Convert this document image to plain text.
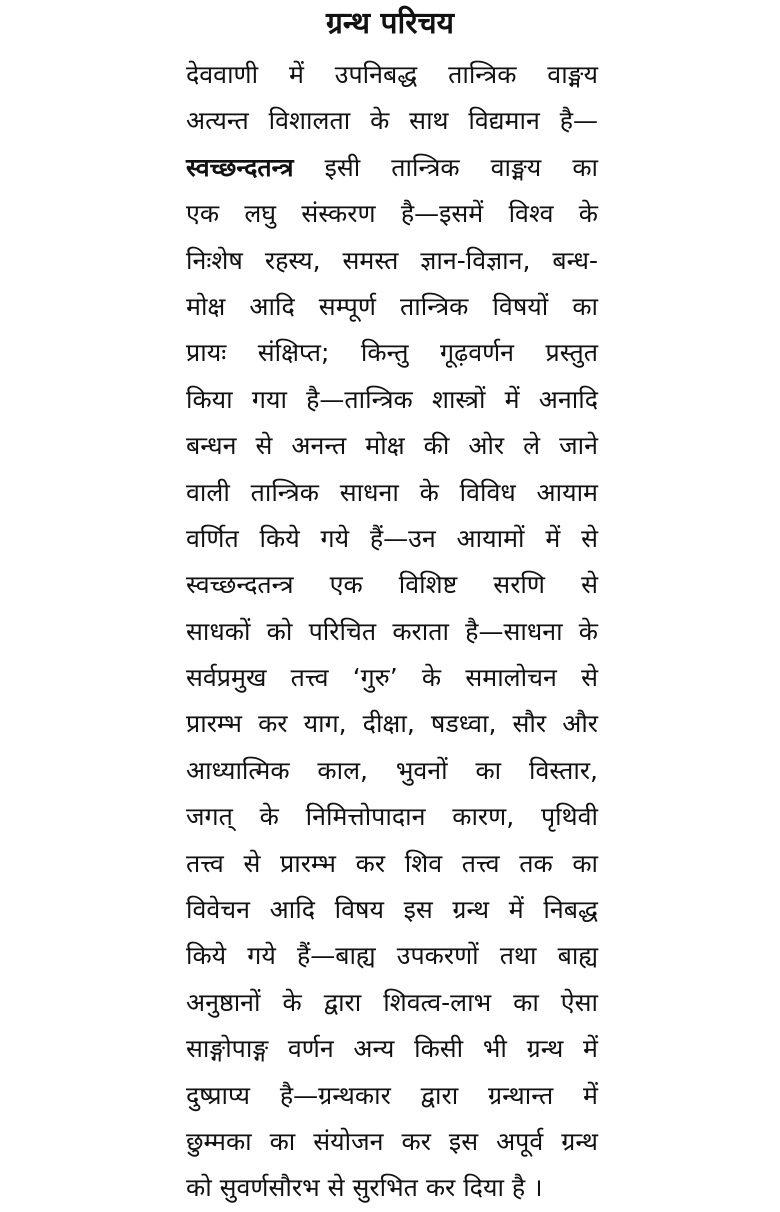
ग्रन्थ परिचय
देववाणी में उपनिबद्ध तान्त्रिक वाङ्मय
अत्यन्त विशालता के साथ विद्यमान है—
स्वच्छन्दतन्त्र इसी तान्त्रिक वाङ्मय का
एक लघु संस्करण है—इसमें विश्व के
निःशेष रहस्य, समस्त ज्ञान-विज्ञान, बन्ध-
मोक्ष आदि सम्पूर्ण तान्त्रिक विषयों का
प्रायः संक्षिप्त; किन्तु गूढ़वर्णन प्रस्तुत
किया गया है—तान्त्रिक शास्त्रों में अनादि
बन्धन से अनन्त मोक्ष की ओर ले जाने
वाली तान्त्रिक साधना के विविध आयाम
वर्णित किये गये हैं—उन आयामों में से
स्वच्छन्दतन्त्र एक विशिष्ट सरणि से
साधकों को परिचित कराता है—साधना के
सर्वप्रमुख तत्त्व ‘गुरु’ के समालोचन से
प्रारम्भ कर याग, दीक्षा, षडध्वा, सौर और
आध्यात्मिक काल, भुवनों का विस्तार,
जगत् के निमित्तोपादान कारण, पृथिवी
तत्त्व से प्रारम्भ कर शिव तत्त्व तक का
विवेचन आदि विषय इस ग्रन्थ में निबद्ध
किये गये हैं—बाह्य उपकरणों तथा बाह्य
अनुष्ठानों के द्वारा शिवत्व-लाभ का ऐसा
साङ्गोपाङ्ग वर्णन अन्य किसी भी ग्रन्थ में
दुष्प्राप्य है—ग्रन्थकार द्वारा ग्रन्थान्त में
छुम्मका का संयोजन कर इस अपूर्व ग्रन्थ
को सुवर्णसौरभ से सुरभित कर दिया है ।
